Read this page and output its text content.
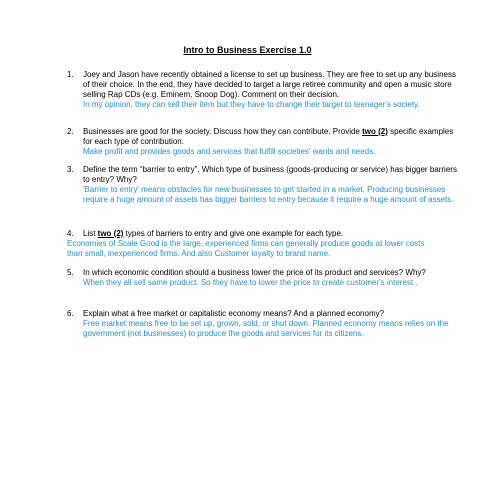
Intro to Business Exercise 1.0
1.	Joey and Jason have recently obtained a license to set up business. They are free to set up any business of their choice. In the end, they have decided to target a large retiree community and open a music store selling Rap CDs (e.g. Eminem, Snoop Dog). Comment on their decision.
In my opinion, they can sell their item but they have to change their target to teenager's society.
2.	Businesses are good for the society. Discuss how they can contribute. Provide two (2) specific examples for each type of contribution.
Make profit and provides goods and services that fulfill societies' wants and needs.
3.	Define the term “barrier to entry”. Which type of business (goods-producing or service) has bigger barriers to entry? Why?
'Barrier to entry' means obstacles for new businesses to get started in a market. Producing businesses require a huge amount of assets has bigger barriers to entry because it require a huge amount of assets.
4.	List two (2) types of barriers to entry and give one example for each type.
Economies of Scale Good is the large, experienced firms can generally produce goods at lower costs than small, inexperienced firms. And also Customer loyalty to brand name.
5.	In which economic condition should a business lower the price of its product and services? Why?
When they all sell same product. So they have to lower the price to create customer's interest .
6.	Explain what a free market or capitalistic economy means? And a planned economy?
Free market means free to be set up, grown, sold, or shut down. Planned economy means relies on the government (not businesses) to produce the goods and services for its citizens.
